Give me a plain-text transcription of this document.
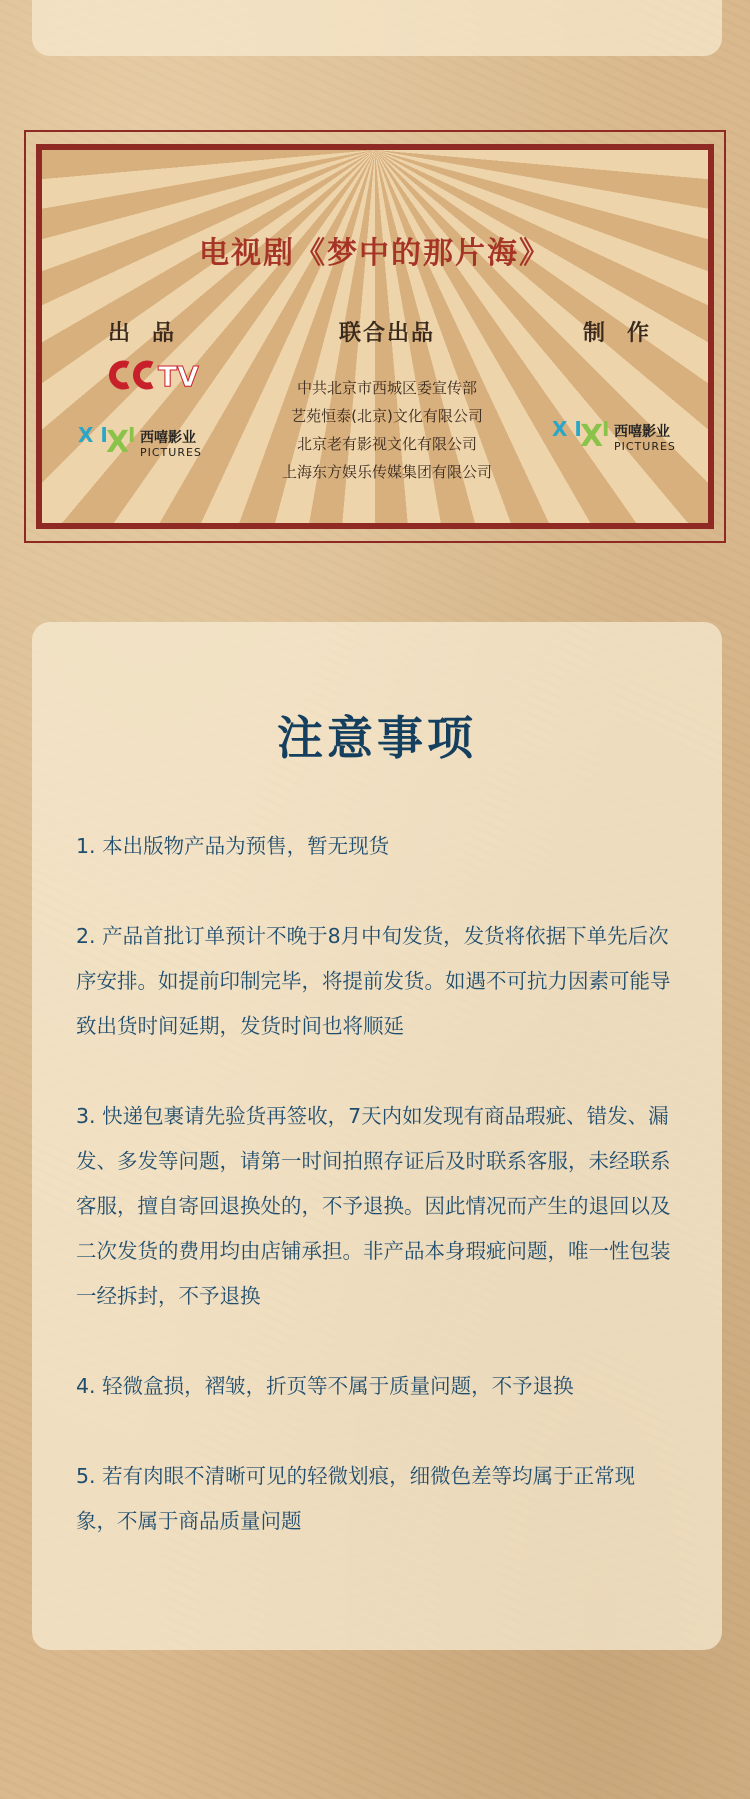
电视剧《梦中的那片海》
出品	联合出品	制作
TV
X I
X
I 西嘻影业
PICTURES
中共北京市西城区委宣传部
艺苑恒泰(北京)文化有限公司
北京老有影视文化有限公司
上海东方娱乐传媒集团有限公司
X I
X
I 西嘻影业
PICTURES
注意事项
1. 本出版物产品为预售，暂无现货
2. 产品首批订单预计不晚于8月中旬发货，发货将依据下单先后次序安排。如提前印制完毕，将提前发货。如遇不可抗力因素可能导致出货时间延期，发货时间也将顺延
3. 快递包裹请先验货再签收，7天内如发现有商品瑕疵、错发、漏发、多发等问题，请第一时间拍照存证后及时联系客服，未经联系客服，擅自寄回退换处的，不予退换。因此情况而产生的退回以及二次发货的费用均由店铺承担。非产品本身瑕疵问题，唯一性包装一经拆封，不予退换
4. 轻微盒损，褶皱，折页等不属于质量问题，不予退换
5. 若有肉眼不清晰可见的轻微划痕，细微色差等均属于正常现象，不属于商品质量问题
